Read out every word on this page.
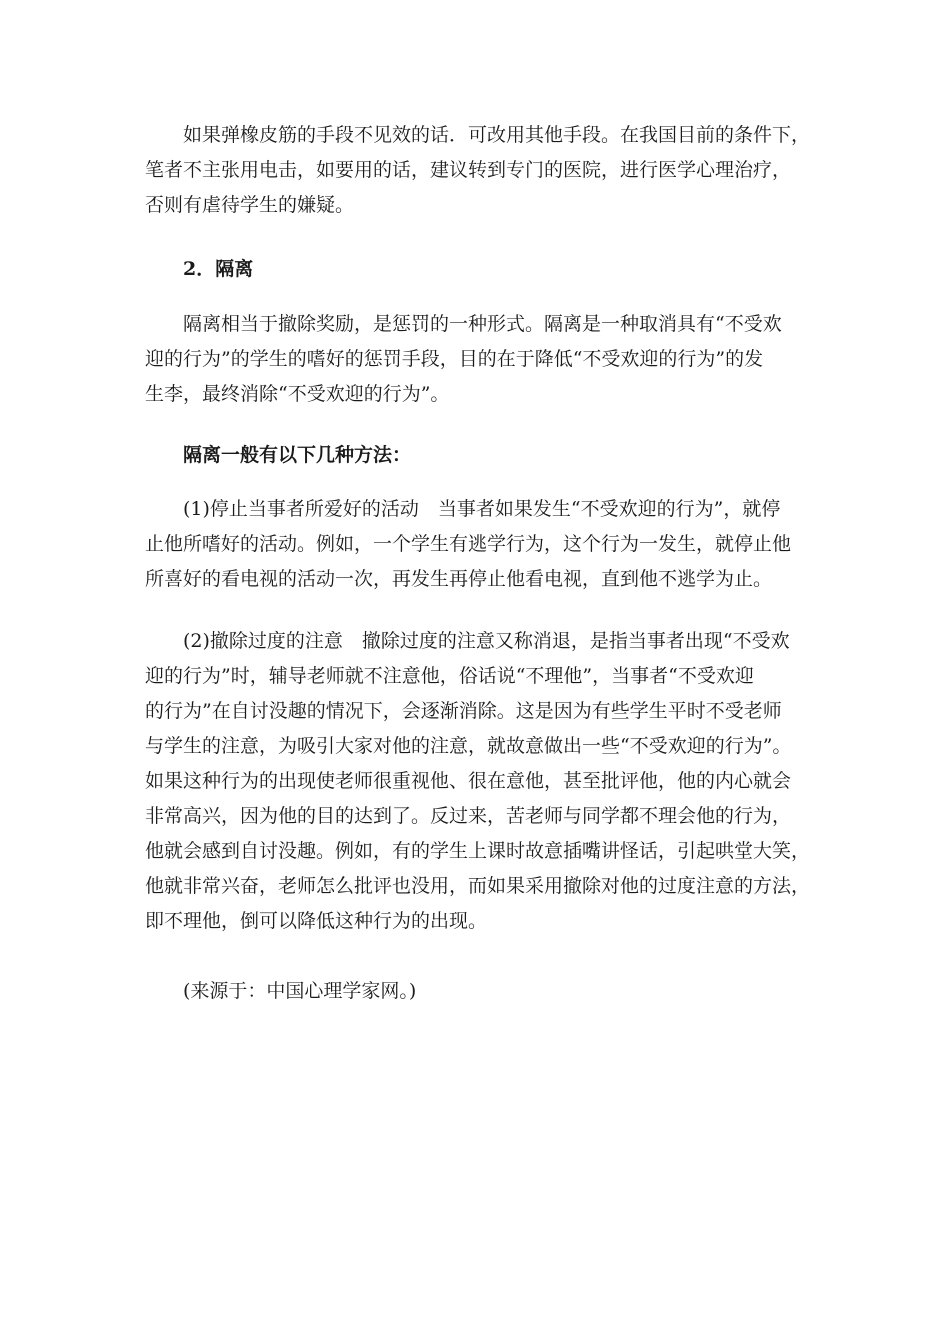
如果弹橡皮筋的手段不见效的话．可改用其他手段。在我国目前的条件下，
笔者不主张用电击，如要用的话，建议转到专门的医院，进行医学心理治疗，
否则有虐待学生的嫌疑。
2．隔离
隔离相当于撤除奖励，是惩罚的一种形式。隔离是一种取消具有“不受欢
迎的行为”的学生的嗜好的惩罚手段，目的在于降低“不受欢迎的行为”的发
生李，最终消除“不受欢迎的行为”。
隔离一般有以下几种方法：
(1)停止当事者所爱好的活动　当事者如果发生“不受欢迎的行为”，就停
止他所嗜好的活动。例如，一个学生有逃学行为，这个行为一发生，就停止他
所喜好的看电视的活动一次，再发生再停止他看电视，直到他不逃学为止。
(2)撤除过度的注意　撤除过度的注意又称消退，是指当事者出现“不受欢
迎的行为”时，辅导老师就不注意他，俗话说“不理他”，当事者“不受欢迎
的行为”在自讨没趣的情况下，会逐渐消除。这是因为有些学生平时不受老师
与学生的注意，为吸引大家对他的注意，就故意做出一些“不受欢迎的行为”。
如果这种行为的出现使老师很重视他、很在意他，甚至批评他，他的内心就会
非常高兴，因为他的目的达到了。反过来，苦老师与同学都不理会他的行为，
他就会感到自讨没趣。例如，有的学生上课时故意插嘴讲怪话，引起哄堂大笑，
他就非常兴奋，老师怎么批评也没用，而如果采用撤除对他的过度注意的方法，
即不理他，倒可以降低这种行为的出现。
(来源于：中国心理学家网。)
